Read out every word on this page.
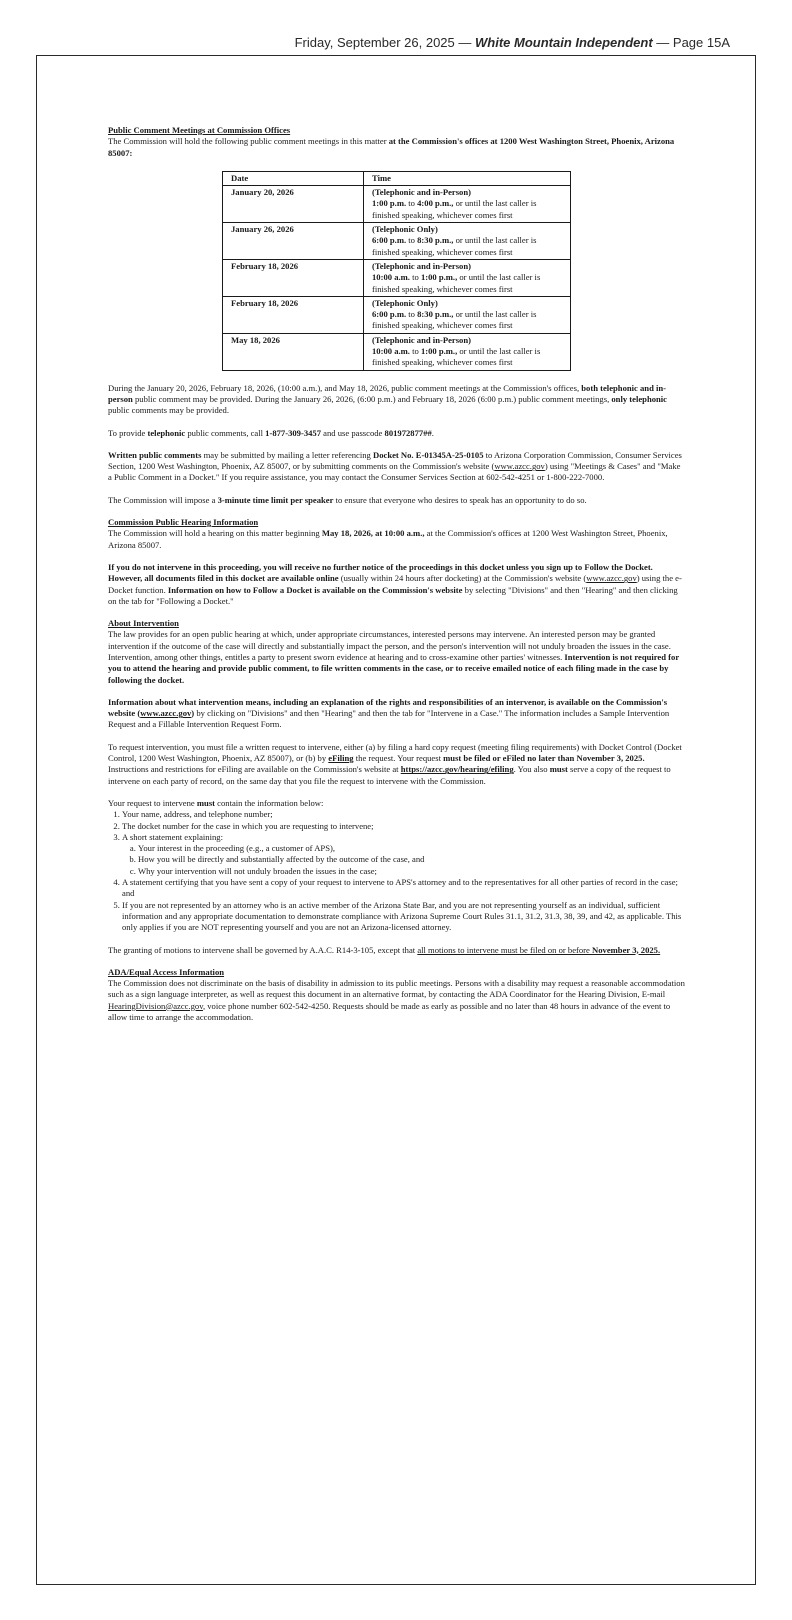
Friday, September 26, 2025 — White Mountain Independent — Page 15A
Public Comment Meetings at Commission Offices

The Commission will hold the following public comment meetings in this matter at the Commission's offices at 1200 West Washington Street, Phoenix, Arizona 85007:

Date	Time
January 20, 2026	(Telephonic and in-Person)
1:00 p.m. to 4:00 p.m., or until the last caller is finished speaking, whichever comes first
January 26, 2026	(Telephonic Only)
6:00 p.m. to 8:30 p.m., or until the last caller is finished speaking, whichever comes first
February 18, 2026	(Telephonic and in-Person)
10:00 a.m. to 1:00 p.m., or until the last caller is finished speaking, whichever comes first
February 18, 2026	(Telephonic Only)
6:00 p.m. to 8:30 p.m., or until the last caller is finished speaking, whichever comes first
May 18, 2026	(Telephonic and in-Person)
10:00 a.m. to 1:00 p.m., or until the last caller is finished speaking, whichever comes first

During the January 20, 2026, February 18, 2026, (10:00 a.m.), and May 18, 2026, public comment meetings at the Commission's offices, both telephonic and in-person public comment may be provided. During the January 26, 2026, (6:00 p.m.) and February 18, 2026 (6:00 p.m.) public comment meetings, only telephonic public comments may be provided.

To provide telephonic public comments, call 1-877-309-3457 and use passcode 801972877##.

Written public comments may be submitted by mailing a letter referencing Docket No. E-01345A-25-0105 to Arizona Corporation Commission, Consumer Services Section, 1200 West Washington, Phoenix, AZ 85007, or by submitting comments on the Commission's website (www.azcc.gov) using "Meetings & Cases" and "Make a Public Comment in a Docket." If you require assistance, you may contact the Consumer Services Section at 602-542-4251 or 1-800-222-7000.

The Commission will impose a 3-minute time limit per speaker to ensure that everyone who desires to speak has an opportunity to do so.

Commission Public Hearing Information

The Commission will hold a hearing on this matter beginning May 18, 2026, at 10:00 a.m., at the Commission's offices at 1200 West Washington Street, Phoenix, Arizona 85007.

If you do not intervene in this proceeding, you will receive no further notice of the proceedings in this docket unless you sign up to Follow the Docket. However, all documents filed in this docket are available online (usually within 24 hours after docketing) at the Commission's website (www.azcc.gov) using the e-Docket function. Information on how to Follow a Docket is available on the Commission's website by selecting "Divisions" and then "Hearing" and then clicking on the tab for "Following a Docket."

About Intervention

The law provides for an open public hearing at which, under appropriate circumstances, interested persons may intervene. An interested person may be granted intervention if the outcome of the case will directly and substantially impact the person, and the person's intervention will not unduly broaden the issues in the case. Intervention, among other things, entitles a party to present sworn evidence at hearing and to cross-examine other parties' witnesses. Intervention is not required for you to attend the hearing and provide public comment, to file written comments in the case, or to receive emailed notice of each filing made in the case by following the docket.

Information about what intervention means, including an explanation of the rights and responsibilities of an intervenor, is available on the Commission's website (www.azcc.gov) by clicking on "Divisions" and then "Hearing" and then the tab for "Intervene in a Case." The information includes a Sample Intervention Request and a Fillable Intervention Request Form.

To request intervention, you must file a written request to intervene, either (a) by filing a hard copy request (meeting filing requirements) with Docket Control (Docket Control, 1200 West Washington, Phoenix, AZ 85007), or (b) by eFiling the request. Your request must be filed or eFiled no later than November 3, 2025. Instructions and restrictions for eFiling are available on the Commission's website at https://azcc.gov/hearing/efiling. You also must serve a copy of the request to intervene on each party of record, on the same day that you file the request to intervene with the Commission.

Your request to intervene must contain the information below:
1. Your name, address, and telephone number;
2. The docket number for the case in which you are requesting to intervene;
3. A short statement explaining:
a. Your interest in the proceeding (e.g., a customer of APS),
b. How you will be directly and substantially affected by the outcome of the case, and
c. Why your intervention will not unduly broaden the issues in the case;
4. A statement certifying that you have sent a copy of your request to intervene to APS's attorney and to the representatives for all other parties of record in the case; and
5. If you are not represented by an attorney who is an active member of the Arizona State Bar, and you are not representing yourself as an individual, sufficient information and any appropriate documentation to demonstrate compliance with Arizona Supreme Court Rules 31.1, 31.2, 31.3, 38, 39, and 42, as applicable. This only applies if you are NOT representing yourself and you are not an Arizona-licensed attorney.

The granting of motions to intervene shall be governed by A.A.C. R14-3-105, except that all motions to intervene must be filed on or before November 3, 2025.

ADA/Equal Access Information

The Commission does not discriminate on the basis of disability in admission to its public meetings. Persons with a disability may request a reasonable accommodation such as a sign language interpreter, as well as request this document in an alternative format, by contacting the ADA Coordinator for the Hearing Division, E-mail HearingDivision@azcc.gov, voice phone number 602-542-4250. Requests should be made as early as possible and no later than 48 hours in advance of the event to allow time to arrange the accommodation.
